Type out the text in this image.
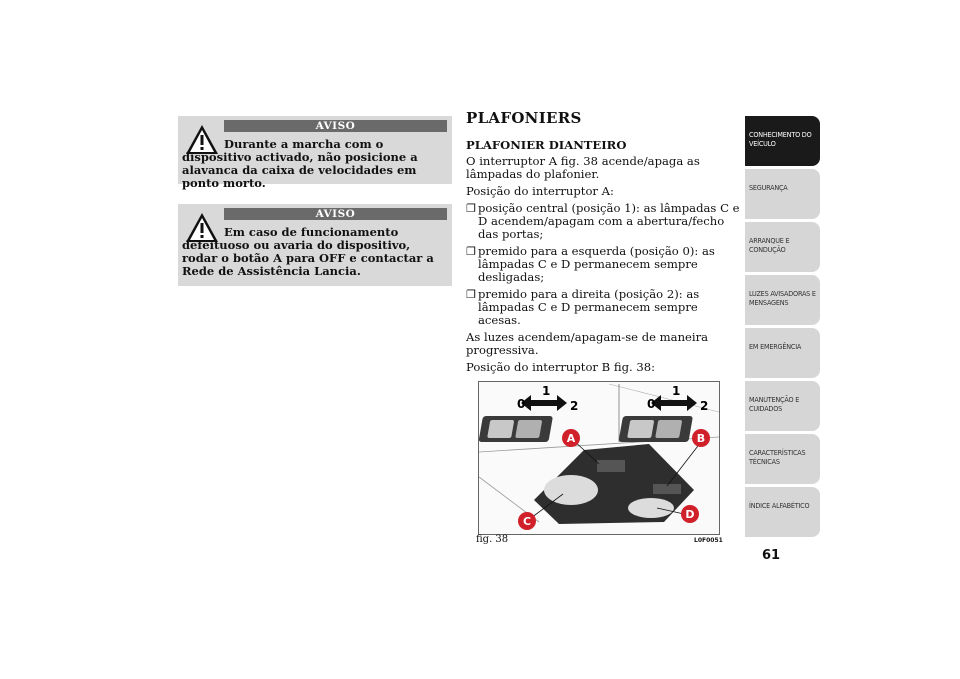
AVISO
Durante a marcha com o dispositivo activado, não posicione a alavanca da caixa de velocidades em ponto morto.
AVISO
Em caso de funcionamento defeituoso ou avaria do dispositivo, rodar o botão A para OFF e contactar a Rede de Assistência Lancia.
PLAFONIERS
PLAFONIER DIANTEIRO

O interruptor A fig. 38 acende/apaga as lâmpadas do plafonier.

Posição do interruptor A:

❐ posição central (posição 1): as lâmpadas C e D acendem/apagam com a abertura/fecho das portas;
❐ premido para a esquerda (posição 0): as lâmpadas C e D permanecem sempre desligadas;
❐ premido para a direita (posição 2): as lâmpadas C e D permanecem sempre acesas.

As luzes acendem/apagam-se de maneira progressiva.

Posição do interruptor B fig. 38:

0
1
2	0
1
2
A	B
C
D
fig. 38	L0F0051
CONHECIMENTO DO VEÍCULO
SEGURANÇA
ARRANQUE E CONDUÇÃO
LUZES AVISADORAS E MENSAGENS
EM EMERGÊNCIA
MANUTENÇÃO E CUIDADOS
CARACTERÍSTICAS TÉCNICAS
ÍNDICE ALFABÉTICO
61
